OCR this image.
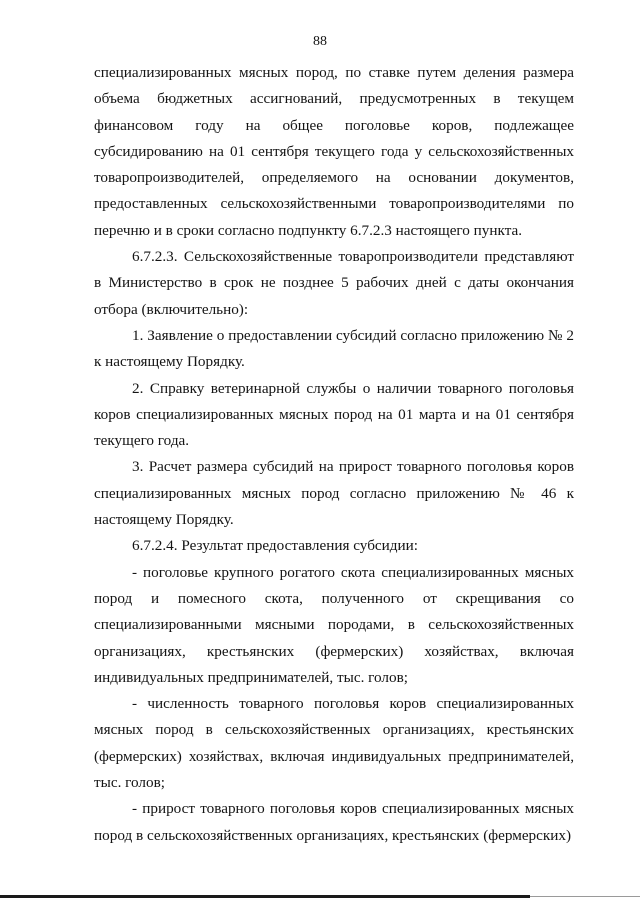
88

специализированных мясных пород, по ставке путем деления размера объема бюджетных ассигнований, предусмотренных в текущем финансовом году на общее поголовье коров, подлежащее субсидированию на 01 сентября текущего года у сельскохозяйственных товаропроизводителей, определяемого на основании документов, предоставленных сельскохозяйственными товаропроизводителями по перечню и в сроки согласно подпункту 6.7.2.3 настоящего пункта.

6.7.2.3. Сельскохозяйственные товаропроизводители представляют в Министерство в срок не позднее 5 рабочих дней с даты окончания отбора (включительно):

1. Заявление о предоставлении субсидий согласно приложению № 2 к настоящему Порядку.

2. Справку ветеринарной службы о наличии товарного поголовья коров специализированных мясных пород на 01 марта и на 01 сентября текущего года.

3. Расчет размера субсидий на прирост товарного поголовья коров специализированных мясных пород согласно приложению № 46 к настоящему Порядку.

6.7.2.4. Результат предоставления субсидии:

- поголовье крупного рогатого скота специализированных мясных пород и помесного скота, полученного от скрещивания со специализированными мясными породами, в сельскохозяйственных организациях, крестьянских (фермерских) хозяйствах, включая индивидуальных предпринимателей, тыс. голов;

- численность товарного поголовья коров специализированных мясных пород в сельскохозяйственных организациях, крестьянских (фермерских) хозяйствах, включая индивидуальных предпринимателей, тыс. голов;

- прирост товарного поголовья коров специализированных мясных пород в сельскохозяйственных организациях, крестьянских (фермерских)
